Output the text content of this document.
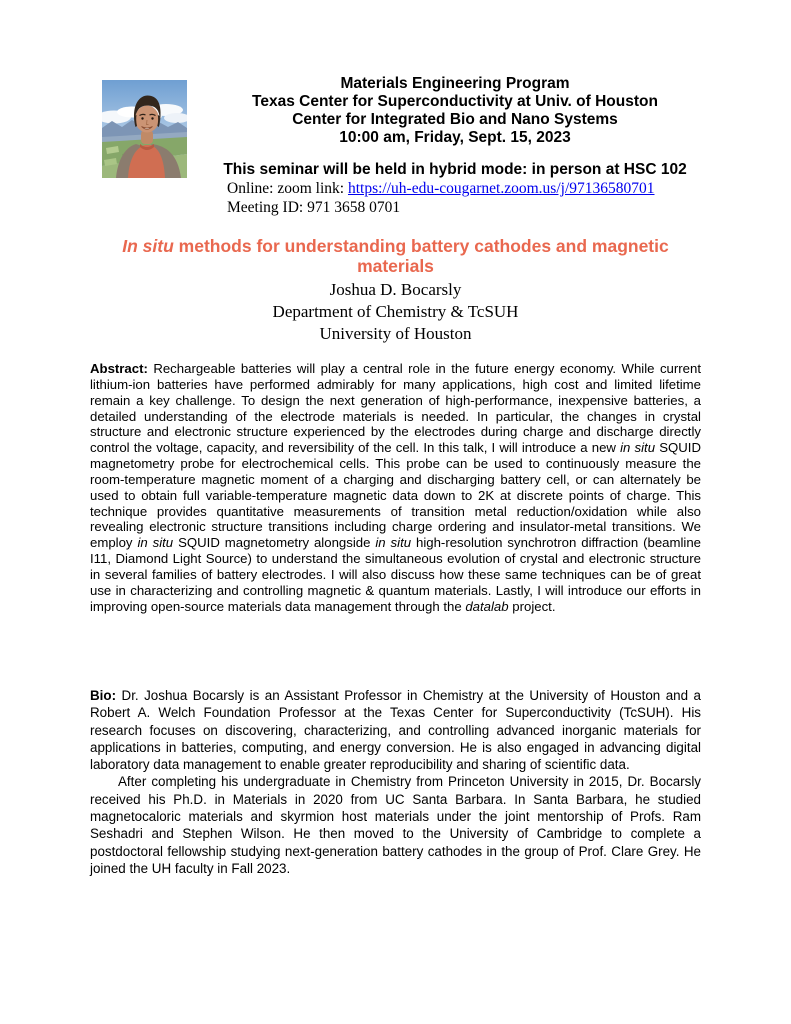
Materials Engineering Program
Texas Center for Superconductivity at Univ. of Houston
Center for Integrated Bio and Nano Systems
10:00 am, Friday, Sept. 15, 2023
This seminar will be held in hybrid mode: in person at HSC 102
Online: zoom link: https://uh-edu-cougarnet.zoom.us/j/97136580701
Meeting ID: 971 3658 0701
In situ methods for understanding battery cathodes and magnetic materials
Joshua D. Bocarsly
Department of Chemistry & TcSUH
University of Houston

Abstract: Rechargeable batteries will play a central role in the future energy economy. While current lithium-ion batteries have performed admirably for many applications, high cost and limited lifetime remain a key challenge. To design the next generation of high-performance, inexpensive batteries, a detailed understanding of the electrode materials is needed. In particular, the changes in crystal structure and electronic structure experienced by the electrodes during charge and discharge directly control the voltage, capacity, and reversibility of the cell. In this talk, I will introduce a new in situ SQUID magnetometry probe for electrochemical cells. This probe can be used to continuously measure the room-temperature magnetic moment of a charging and discharging battery cell, or can alternately be used to obtain full variable-temperature magnetic data down to 2K at discrete points of charge. This technique provides quantitative measurements of transition metal reduction/oxidation while also revealing electronic structure transitions including charge ordering and insulator-metal transitions. We employ in situ SQUID magnetometry alongside in situ high-resolution synchrotron diffraction (beamline I11, Diamond Light Source) to understand the simultaneous evolution of crystal and electronic structure in several families of battery electrodes. I will also discuss how these same techniques can be of great use in characterizing and controlling magnetic & quantum materials. Lastly, I will introduce our efforts in improving open-source materials data management through the datalab project.

Bio: Dr. Joshua Bocarsly is an Assistant Professor in Chemistry at the University of Houston and a Robert A. Welch Foundation Professor at the Texas Center for Superconductivity (TcSUH). His research focuses on discovering, characterizing, and controlling advanced inorganic materials for applications in batteries, computing, and energy conversion. He is also engaged in advancing digital laboratory data management to enable greater reproducibility and sharing of scientific data.

After completing his undergraduate in Chemistry from Princeton University in 2015, Dr. Bocarsly received his Ph.D. in Materials in 2020 from UC Santa Barbara. In Santa Barbara, he studied magnetocaloric materials and skyrmion host materials under the joint mentorship of Profs. Ram Seshadri and Stephen Wilson. He then moved to the University of Cambridge to complete a postdoctoral fellowship studying next-generation battery cathodes in the group of Prof. Clare Grey. He joined the UH faculty in Fall 2023.
